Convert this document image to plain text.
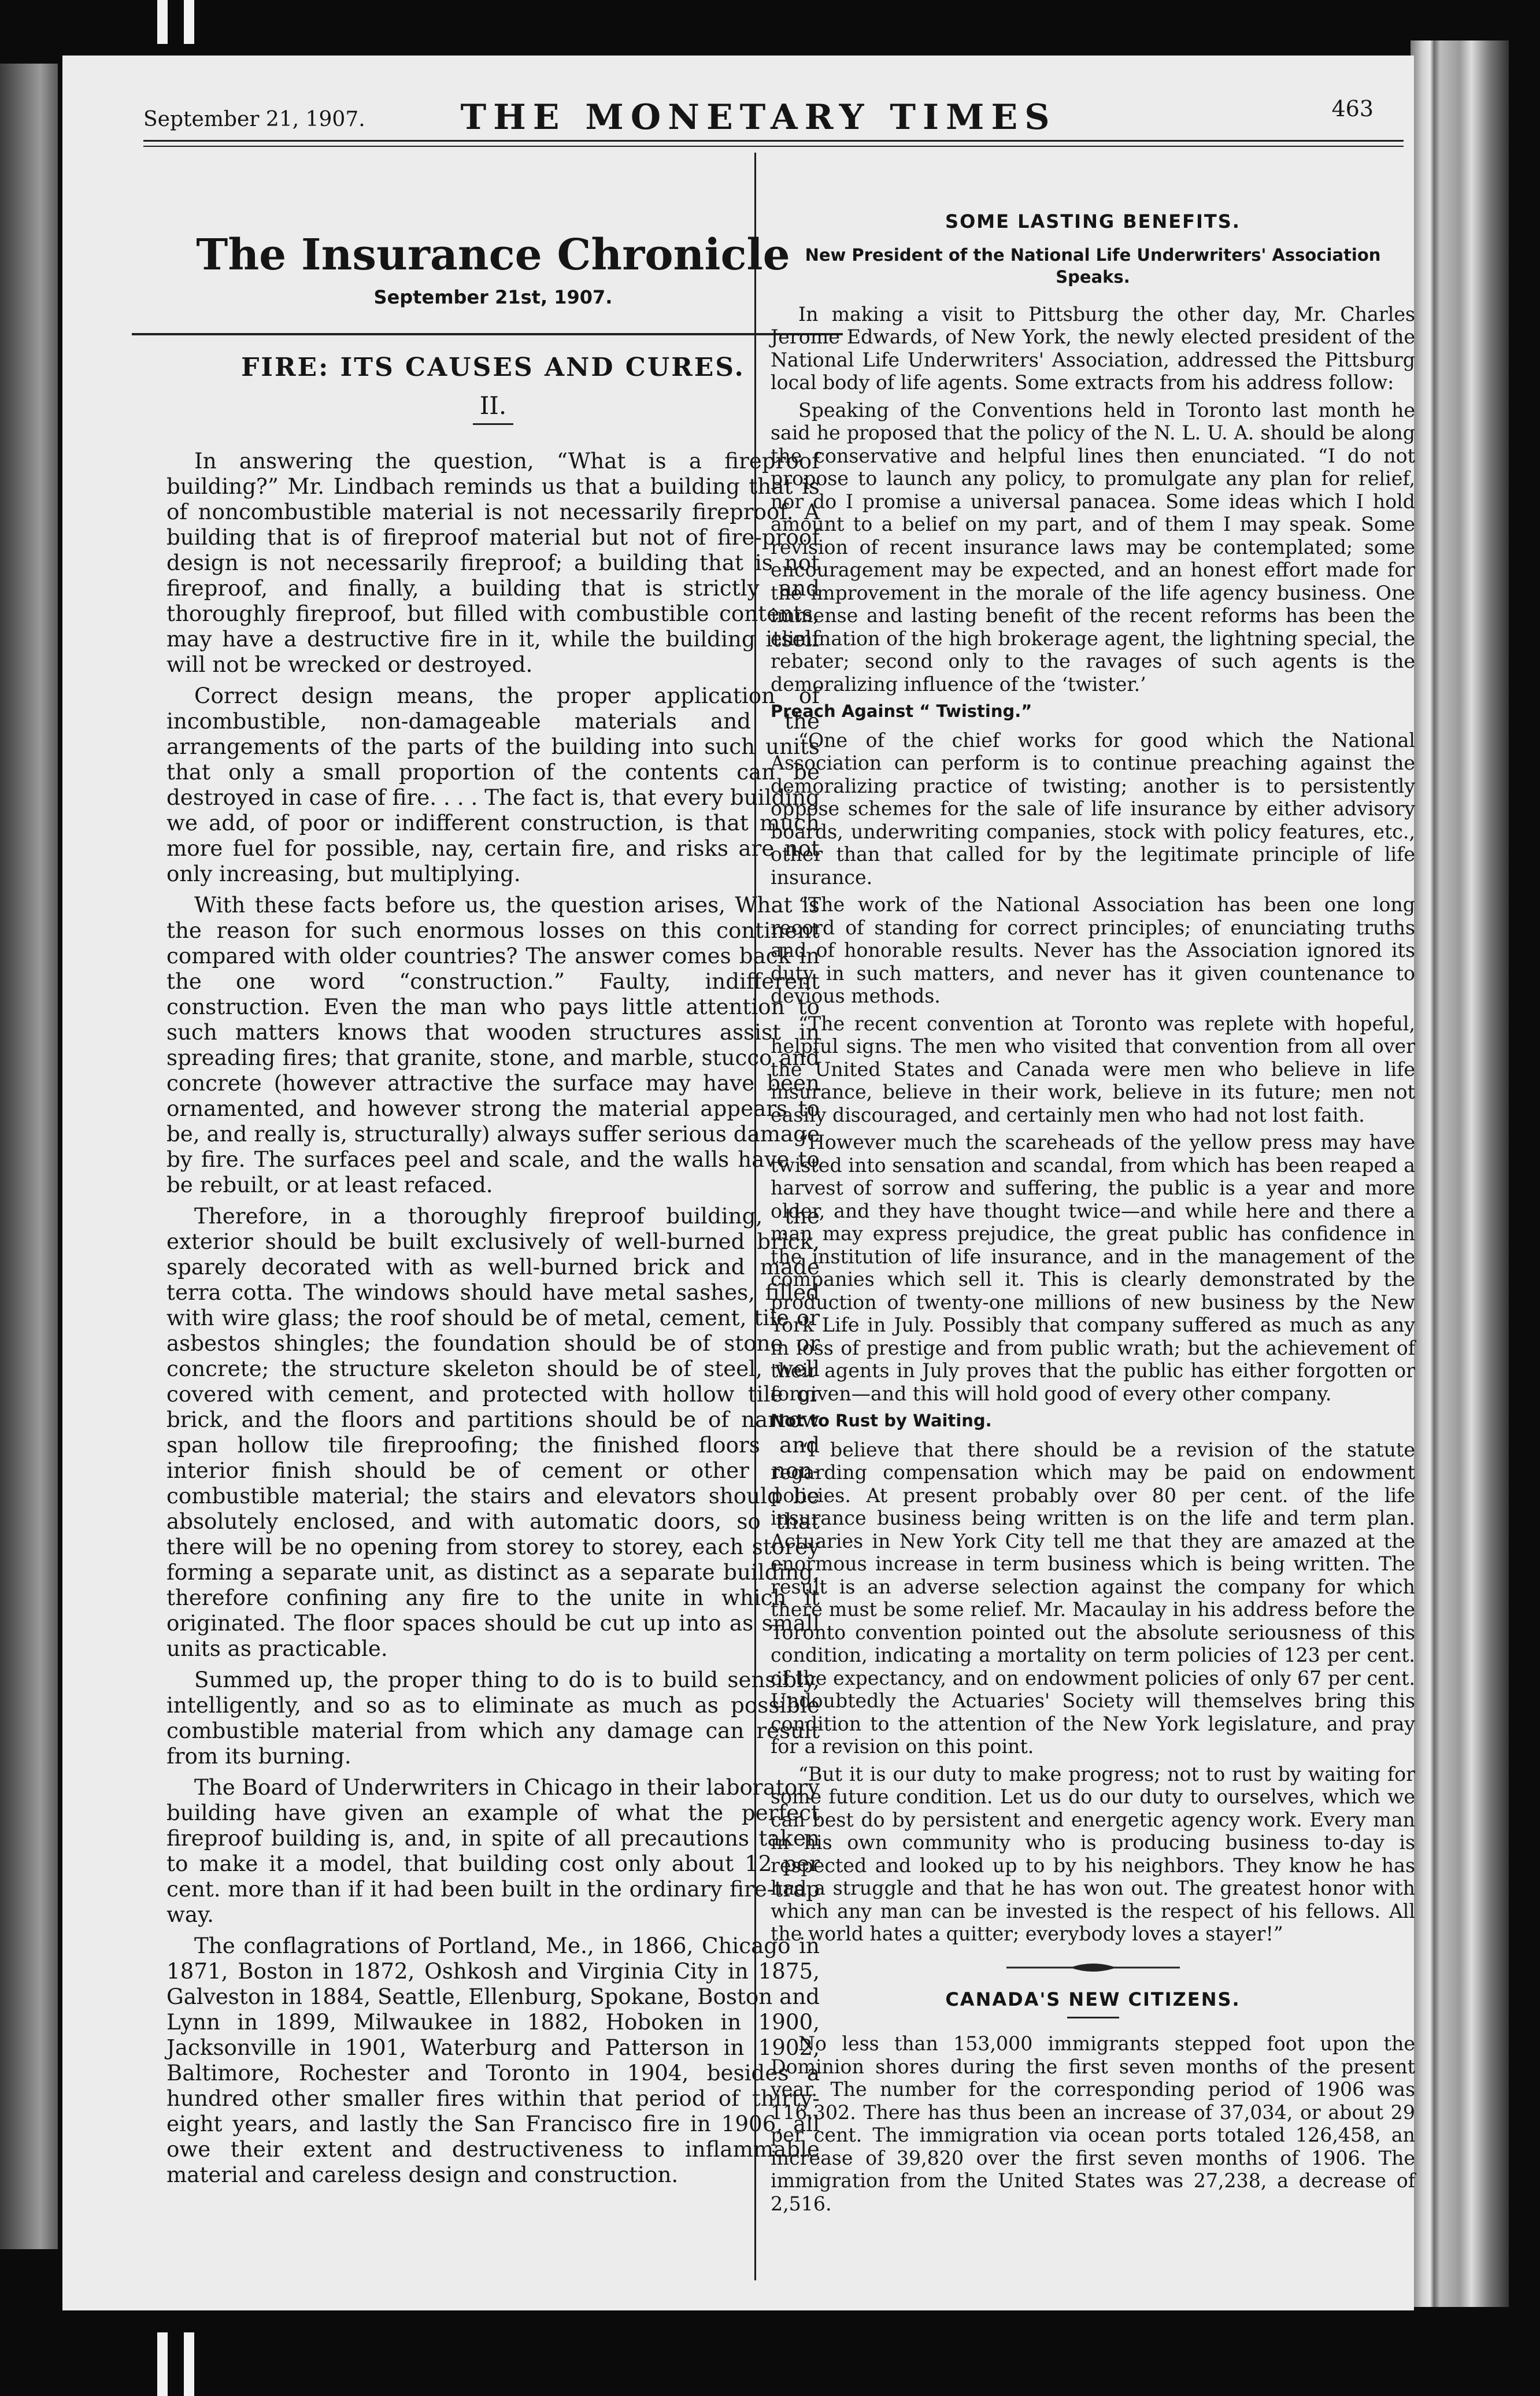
September 21, 1907.	THE MONETARY TIMES	463
The Insurance Chronicle
September 21st, 1907.
FIRE: ITS CAUSES AND CURES.
II.

In answering the question, “What is a fireproof building?” Mr. Lindbach reminds us that a building that is of noncombustible material is not necessarily fireproof. A building that is of fireproof material but not of fire-proof design is not necessarily fireproof; a building that is not fireproof, and finally, a building that is strictly and thoroughly fireproof, but filled with combustible contents, may have a destructive fire in it, while the building itself will not be wrecked or destroyed.

Correct design means, the proper application of incombustible, non-damageable materials and the arrangements of the parts of the building into such units that only a small proportion of the contents can be destroyed in case of fire. . . . The fact is, that every building we add, of poor or indifferent construction, is that much more fuel for possible, nay, certain fire, and risks are not only increasing, but multiplying.

With these facts before us, the question arises, What is the reason for such enormous losses on this continent compared with older countries? The answer comes back in the one word “construction.” Faulty, indifferent construction. Even the man who pays little attention to such matters knows that wooden structures assist in spreading fires; that granite, stone, and marble, stucco and concrete (however attractive the surface may have been ornamented, and however strong the material appears to be, and really is, structurally) always suffer serious damage by fire. The surfaces peel and scale, and the walls have to be rebuilt, or at least refaced.

Therefore, in a thoroughly fireproof building, the exterior should be built exclusively of well-burned brick, sparely decorated with as well-burned brick and made terra cotta. The windows should have metal sashes, filled with wire glass; the roof should be of metal, cement, tile or asbestos shingles; the foundation should be of stone or concrete; the structure skeleton should be of steel, well covered with cement, and protected with hollow tile or brick, and the floors and partitions should be of narrow span hollow tile fireproofing; the finished floors and interior finish should be of cement or other non-combustible material; the stairs and elevators should be absolutely enclosed, and with automatic doors, so that there will be no opening from storey to storey, each storey forming a separate unit, as distinct as a separate building, therefore confining any fire to the unite in which it originated. The floor spaces should be cut up into as small units as practicable.

Summed up, the proper thing to do is to build sensibly, intelligently, and so as to eliminate as much as possible combustible material from which any damage can result from its burning.

The Board of Underwriters in Chicago in their laboratory building have given an example of what the perfect fireproof building is, and, in spite of all precautions taken to make it a model, that building cost only about 12 per cent. more than if it had been built in the ordinary fire-trap way.

The conflagrations of Portland, Me., in 1866, Chicago in 1871, Boston in 1872, Oshkosh and Virginia City in 1875, Galveston in 1884, Seattle, Ellenburg, Spokane, Boston and Lynn in 1899, Milwaukee in 1882, Hoboken in 1900, Jacksonville in 1901, Waterburg and Patterson in 1902, Baltimore, Rochester and Toronto in 1904, besides a hundred other smaller fires within that period of thirty-eight years, and lastly the San Francisco fire in 1906, all owe their extent and destructiveness to inflammable material and careless design and construction.

SOME LASTING BENEFITS.
New President of the National Life Underwriters' Association Speaks.

In making a visit to Pittsburg the other day, Mr. Charles Jerome Edwards, of New York, the newly elected president of the National Life Underwriters' Association, addressed the Pittsburg local body of life agents. Some extracts from his address follow:

Speaking of the Conventions held in Toronto last month he said he proposed that the policy of the N. L. U. A. should be along the conservative and helpful lines then enunciated. “I do not propose to launch any policy, to promulgate any plan for relief, nor do I promise a universal panacea. Some ideas which I hold amount to a belief on my part, and of them I may speak. Some revision of recent insurance laws may be contemplated; some encouragement may be expected, and an honest effort made for the improvement in the morale of the life agency business. One immense and lasting benefit of the recent reforms has been the elimination of the high brokerage agent, the lightning special, the rebater; second only to the ravages of such agents is the demoralizing influence of the ‘twister.’

Preach Against “ Twisting.”

“One of the chief works for good which the National Association can perform is to continue preaching against the demoralizing practice of twisting; another is to persistently oppose schemes for the sale of life insurance by either advisory boards, underwriting companies, stock with policy features, etc., other than that called for by the legitimate principle of life insurance.

“The work of the National Association has been one long record of standing for correct principles; of enunciating truths and of honorable results. Never has the Association ignored its duty in such matters, and never has it given countenance to devious methods.

“The recent convention at Toronto was replete with hopeful, helpful signs. The men who visited that convention from all over the United States and Canada were men who believe in life insurance, believe in their work, believe in its future; men not easily discouraged, and certainly men who had not lost faith.

“However much the scareheads of the yellow press may have twisted into sensation and scandal, from which has been reaped a harvest of sorrow and suffering, the public is a year and more older, and they have thought twice—and while here and there a man may express prejudice, the great public has confidence in the institution of life insurance, and in the management of the companies which sell it. This is clearly demonstrated by the production of twenty-one millions of new business by the New York Life in July. Possibly that company suffered as much as any in loss of prestige and from public wrath; but the achievement of their agents in July proves that the public has either forgotten or forgiven—and this will hold good of every other company.

Not to Rust by Waiting.

“I believe that there should be a revision of the statute regarding compensation which may be paid on endowment policies. At present probably over 80 per cent. of the life insurance business being written is on the life and term plan. Actuaries in New York City tell me that they are amazed at the enormous increase in term business which is being written. The result is an adverse selection against the company for which there must be some relief. Mr. Macaulay in his address before the Toronto convention pointed out the absolute seriousness of this condition, indicating a mortality on term policies of 123 per cent. of the expectancy, and on endowment policies of only 67 per cent. Undoubtedly the Actuaries' Society will themselves bring this condition to the attention of the New York legislature, and pray for a revision on this point.

“But it is our duty to make progress; not to rust by waiting for some future condition. Let us do our duty to ourselves, which we can best do by persistent and energetic agency work. Every man in his own community who is producing business to-day is respected and looked up to by his neighbors. They know he has had a struggle and that he has won out. The greatest honor with which any man can be invested is the respect of his fellows. All the world hates a quitter; everybody loves a stayer!”

CANADA'S NEW CITIZENS.

No less than 153,000 immigrants stepped foot upon the Dominion shores during the first seven months of the present year. The number for the corresponding period of 1906 was 116,302. There has thus been an increase of 37,034, or about 29 per cent. The immigration via ocean ports totaled 126,458, an increase of 39,820 over the first seven months of 1906. The immigration from the United States was 27,238, a decrease of 2,516.
